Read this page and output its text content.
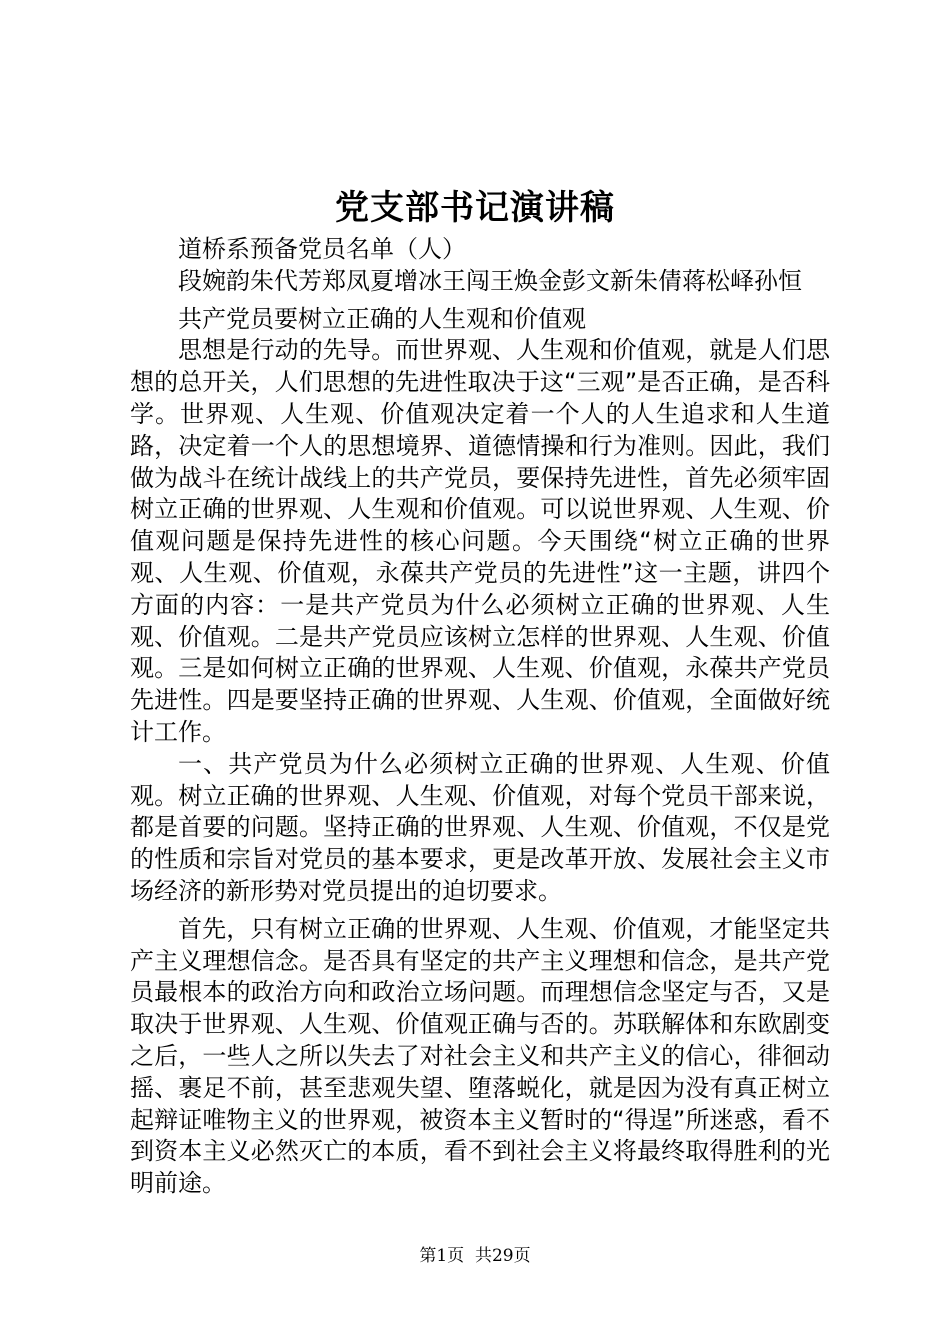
党支部书记演讲稿

道桥系预备党员名单（人）

段婉韵朱代芳郑凤夏增冰王闯王焕金彭文新朱倩蒋松峄孙恒

共产党员要树立正确的人生观和价值观

思想是行动的先导。而世界观、人生观和价值观，就是人们思想的总开关，人们思想的先进性取决于这“三观”是否正确，是否科学。世界观、人生观、价值观决定着一个人的人生追求和人生道路，决定着一个人的思想境界、道德情操和行为准则。因此，我们做为战斗在统计战线上的共产党员，要保持先进性，首先必须牢固树立正确的世界观、人生观和价值观。可以说世界观、人生观、价值观问题是保持先进性的核心问题。今天围绕“树立正确的世界观、人生观、价值观，永葆共产党员的先进性”这一主题，讲四个方面的内容：一是共产党员为什么必须树立正确的世界观、人生观、价值观。二是共产党员应该树立怎样的世界观、人生观、价值观。三是如何树立正确的世界观、人生观、价值观，永葆共产党员先进性。四是要坚持正确的世界观、人生观、价值观，全面做好统计工作。

一、共产党员为什么必须树立正确的世界观、人生观、价值观。树立正确的世界观、人生观、价值观，对每个党员干部来说，都是首要的问题。坚持正确的世界观、人生观、价值观，不仅是党的性质和宗旨对党员的基本要求，更是改革开放、发展社会主义市场经济的新形势对党员提出的迫切要求。

首先，只有树立正确的世界观、人生观、价值观，才能坚定共产主义理想信念。是否具有坚定的共产主义理想和信念，是共产党员最根本的政治方向和政治立场问题。而理想信念坚定与否，又是取决于世界观、人生观、价值观正确与否的。苏联解体和东欧剧变之后，一些人之所以失去了对社会主义和共产主义的信心，徘徊动摇、裹足不前，甚至悲观失望、堕落蜕化，就是因为没有真正树立起辩证唯物主义的世界观，被资本主义暂时的“得逞”所迷惑，看不到资本主义必然灭亡的本质，看不到社会主义将最终取得胜利的光明前途。

第1页  共29页
